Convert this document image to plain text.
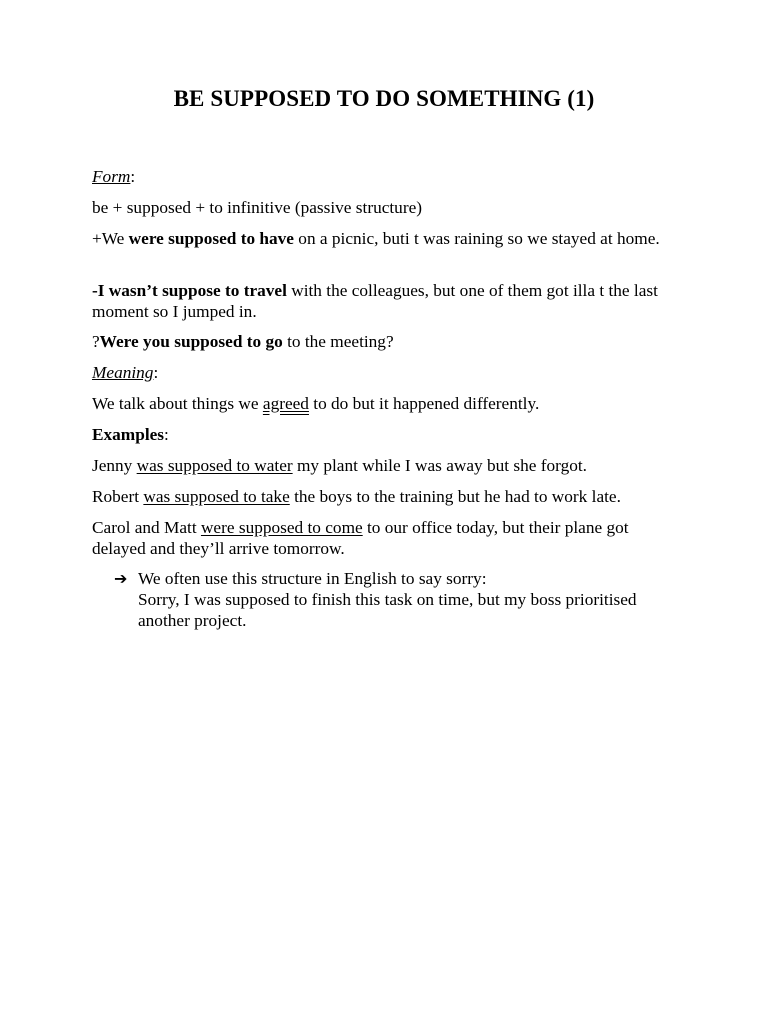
BE SUPPOSED TO DO SOMETHING (1)

Form:

be + supposed + to infinitive (passive structure)

+We were supposed to have on a picnic, buti t was raining so we stayed at home.

-I wasn’t suppose to travel with the colleagues, but one of them got illa t the last moment so I jumped in.

?Were you supposed to go to the meeting?

Meaning:

We talk about things we agreed to do but it happened differently.

Examples:

Jenny was supposed to water my plant while I was away but she forgot.

Robert was supposed to take the boys to the training but he had to work late.

Carol and Matt were supposed to come to our office today, but their plane got delayed and they’ll arrive tomorrow.

➔ We often use this structure in English to say sorry:
Sorry, I was supposed to finish this task on time, but my boss prioritised another project.
